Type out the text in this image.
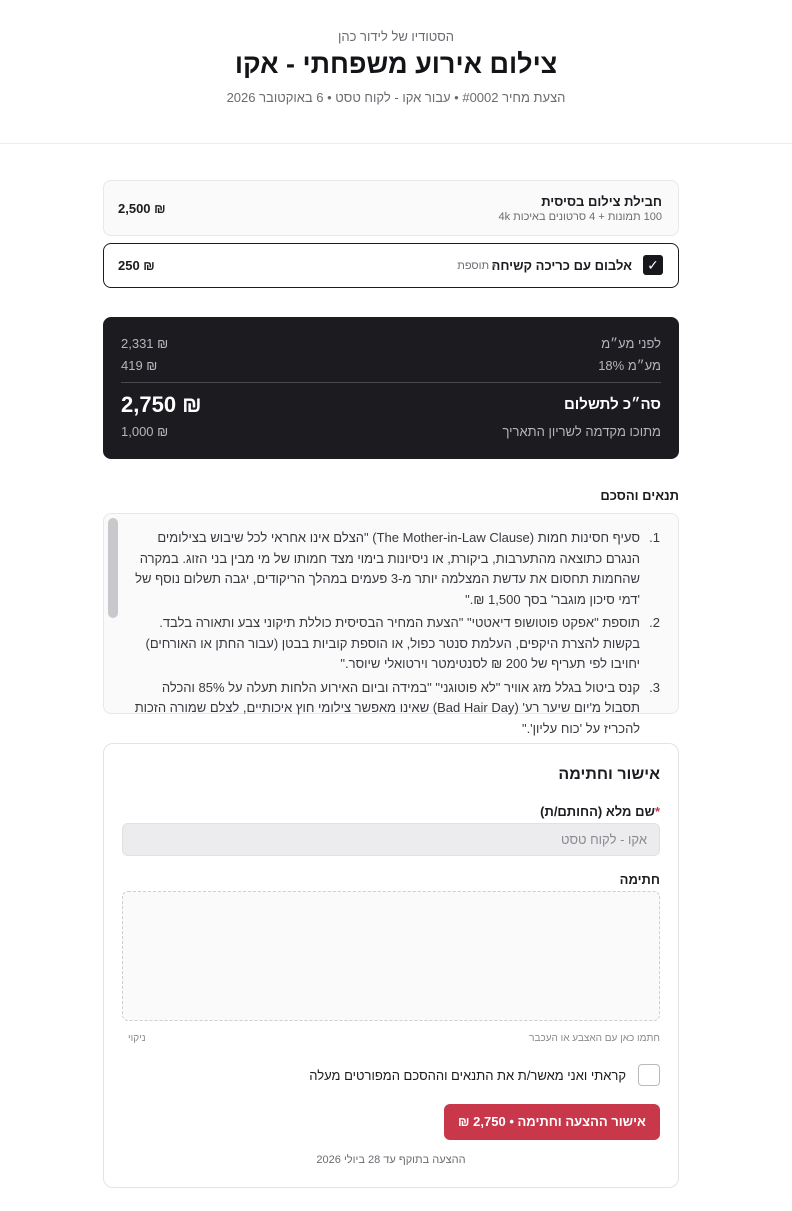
הסטודיו של לידור כהן
צילום אירוע משפחתי - אקו
הצעת מחיר #0002 • עבור אקו - לקוח טסט • 6 באוקטובר 2026
חבילת צילום בסיסית
100 תמונות + 4 סרטונים באיכות 4k
2,500 ₪
✓
אלבום עם כריכה קשיחה
• תוספת
250 ₪
לפני מע״מ
2,331 ₪
מע״מ 18%
419 ₪
סה״כ לתשלום
2,750 ₪
מתוכו מקדמה לשריון התאריך
1,000 ₪
תנאים והסכם
1.
סעיף חסינות חמות (The Mother-in-Law Clause) "הצלם אינו אחראי לכל שיבוש בצילומים הנגרם כתוצאה מהתערבות, ביקורת, או ניסיונות בימוי מצד חמותו של מי מבין בני הזוג. במקרה שהחמות תחסום את עדשת המצלמה יותר מ-3 פעמים במהלך הריקודים, יגבה תשלום נוסף של 'דמי סיכון מוגבר' בסך 1,500 ₪."
2.
תוספת "אפקט פוטושופ דיאטטי" "הצעת המחיר הבסיסית כוללת תיקוני צבע ותאורה בלבד. בקשות להצרת היקפים, העלמת סנטר כפול, או הוספת קוביות בבטן (עבור החתן או האורחים) יחויבו לפי תעריף של 200 ₪ לסנטימטר וירטואלי שיוסר."
3.
קנס ביטול בגלל מזג אוויר "לא פוטוגני" "במידה וביום האירוע הלחות תעלה על 85% והכלה תסבול מ'יום שיער רע' (Bad Hair Day) שאינו מאפשר צילומי חוץ איכותיים, לצלם שמורה הזכות להכריז על 'כוח עליון'."
אישור וחתימה
*שם מלא (החותם/ת)
אקו - לקוח טסט
חתימה
חתמו כאן עם האצבע או העכבר
ניקוי
קראתי ואני מאשר/ת את התנאים וההסכם המפורטים מעלה
אישור ההצעה וחתימה • 2,750 ₪
ההצעה בתוקף עד 28 ביולי 2026
